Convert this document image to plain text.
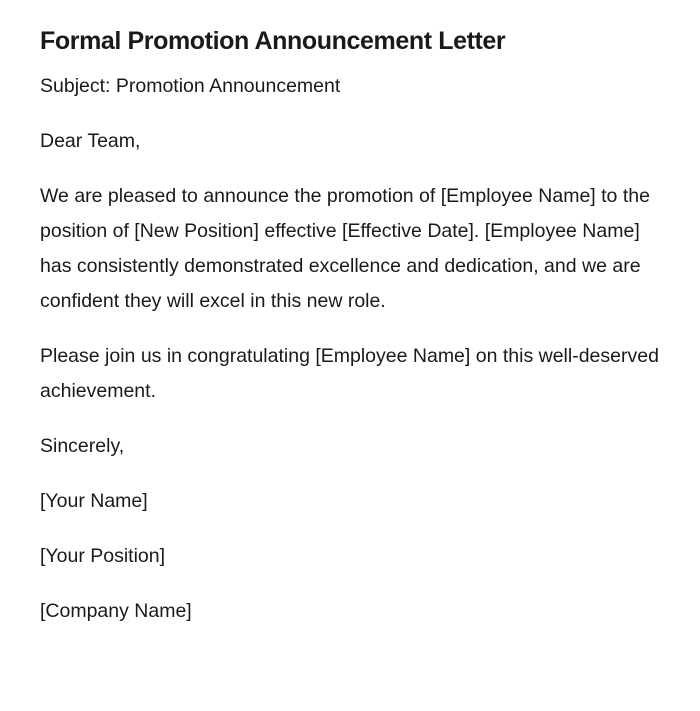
Formal Promotion Announcement Letter

Subject: Promotion Announcement

Dear Team,

We are pleased to announce the promotion of [Employee Name] to the position of [New Position] effective [Effective Date]. [Employee Name] has consistently demonstrated excellence and dedication, and we are confident they will excel in this new role.

Please join us in congratulating [Employee Name] on this well-deserved achievement.

Sincerely,

[Your Name]

[Your Position]

[Company Name]
